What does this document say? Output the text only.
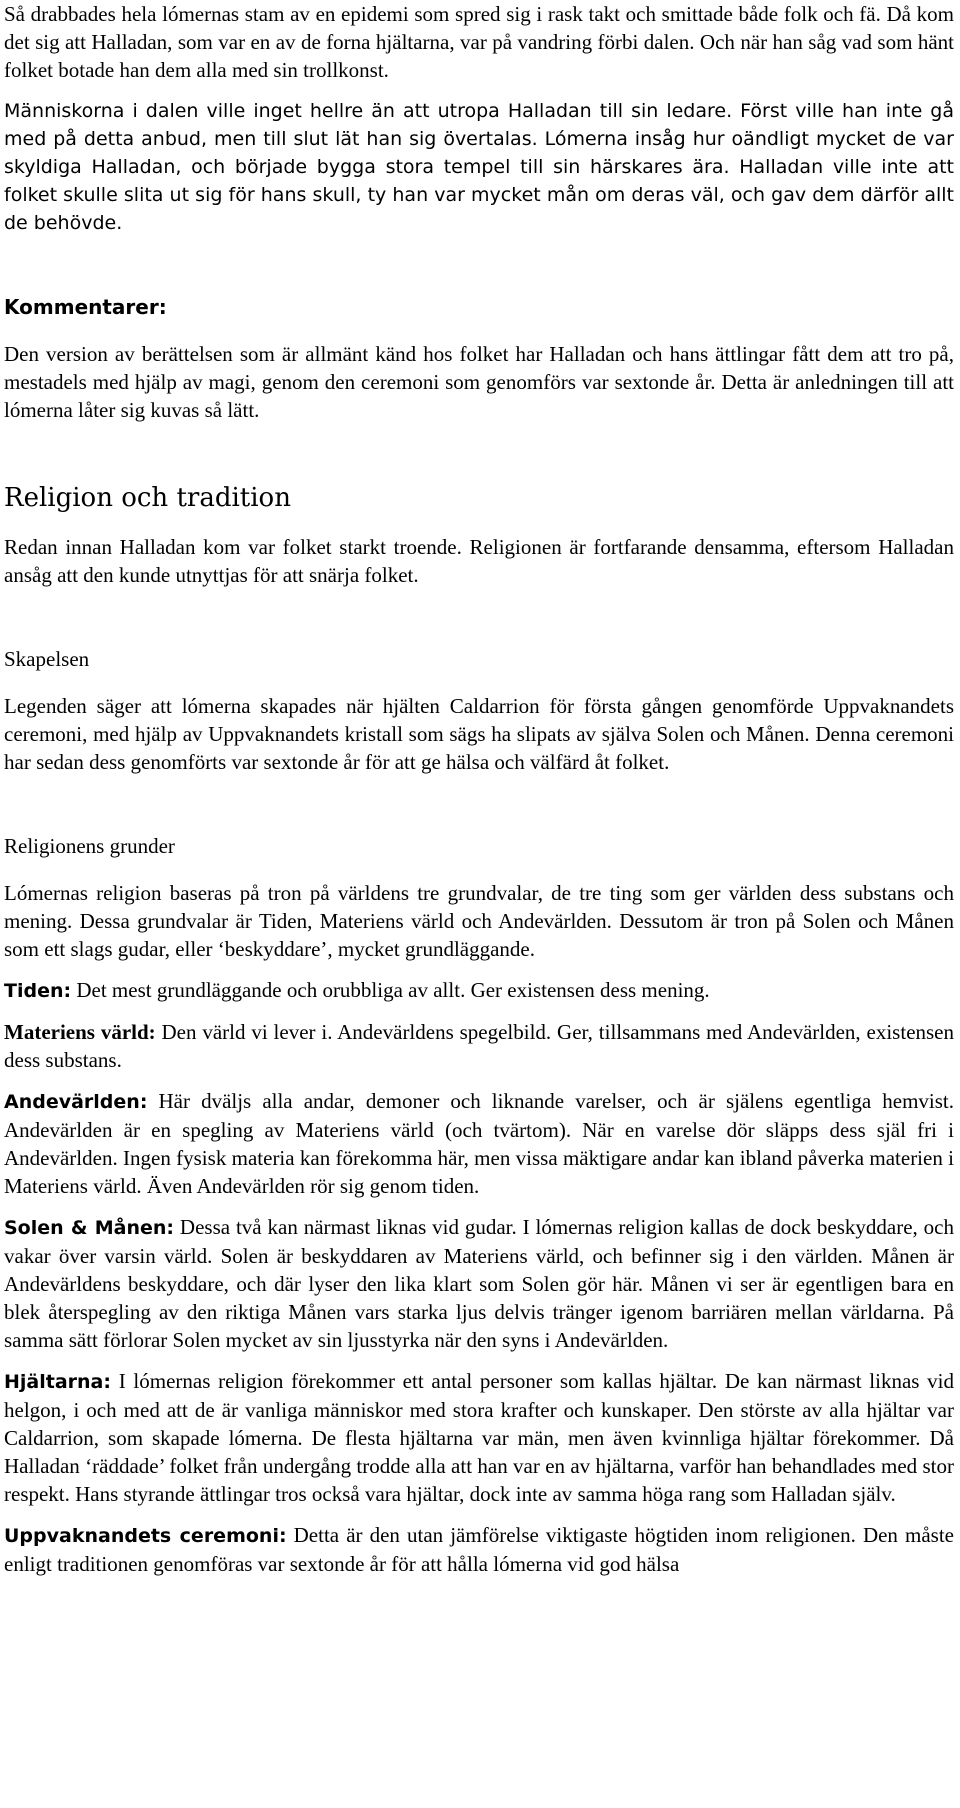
Så drabbades hela lómernas stam av en epidemi som spred sig i rask takt och smittade både folk och fä. Då kom det sig att Halladan, som var en av de forna hjältarna, var på vandring förbi dalen. Och när han såg vad som hänt folket botade han dem alla med sin trollkonst.

Människorna i dalen ville inget hellre än att utropa Halladan till sin ledare. Först ville han inte gå med på detta anbud, men till slut lät han sig övertalas. Lómerna insåg hur oändligt mycket de var skyldiga Halladan, och började bygga stora tempel till sin härskares ära. Halladan ville inte att folket skulle slita ut sig för hans skull, ty han var mycket mån om deras väl, och gav dem därför allt de behövde.

Kommentarer:

Den version av berättelsen som är allmänt känd hos folket har Halladan och hans ättlingar fått dem att tro på, mestadels med hjälp av magi, genom den ceremoni som genomförs var sextonde år. Detta är anledningen till att lómerna låter sig kuvas så lätt.

Religion och tradition

Redan innan Halladan kom var folket starkt troende. Religionen är fortfarande densamma, eftersom Halladan ansåg att den kunde utnyttjas för att snärja folket.

Skapelsen

Legenden säger att lómerna skapades när hjälten Caldarrion för första gången genomförde Uppvaknandets ceremoni, med hjälp av Uppvaknandets kristall som sägs ha slipats av själva Solen och Månen. Denna ceremoni har sedan dess genomförts var sextonde år för att ge hälsa och välfärd åt folket.

Religionens grunder

Lómernas religion baseras på tron på världens tre grundvalar, de tre ting som ger världen dess substans och mening. Dessa grundvalar är Tiden, Materiens värld och Andevärlden. Dessutom är tron på Solen och Månen som ett slags gudar, eller ‘beskyddare’, mycket grundläggande.

Tiden: Det mest grundläggande och orubbliga av allt. Ger existensen dess mening.

Materiens värld: Den värld vi lever i. Andevärldens spegelbild. Ger, tillsammans med Andevärlden, existensen dess substans.

Andevärlden: Här dväljs alla andar, demoner och liknande varelser, och är själens egentliga hemvist. Andevärlden är en spegling av Materiens värld (och tvärtom). När en varelse dör släpps dess själ fri i Andevärlden. Ingen fysisk materia kan förekomma här, men vissa mäktigare andar kan ibland påverka materien i Materiens värld. Även Andevärlden rör sig genom tiden.

Solen & Månen: Dessa två kan närmast liknas vid gudar. I lómernas religion kallas de dock beskyddare, och vakar över varsin värld. Solen är beskyddaren av Materiens värld, och befinner sig i den världen. Månen är Andevärldens beskyddare, och där lyser den lika klart som Solen gör här. Månen vi ser är egentligen bara en blek återspegling av den riktiga Månen vars starka ljus delvis tränger igenom barriären mellan världarna. På samma sätt förlorar Solen mycket av sin ljusstyrka när den syns i Andevärlden.

Hjältarna: I lómernas religion förekommer ett antal personer som kallas hjältar. De kan närmast liknas vid helgon, i och med att de är vanliga människor med stora krafter och kunskaper. Den störste av alla hjältar var Caldarrion, som skapade lómerna. De flesta hjältarna var män, men även kvinnliga hjältar förekommer. Då Halladan ‘räddade’ folket från undergång trodde alla att han var en av hjältarna, varför han behandlades med stor respekt. Hans styrande ättlingar tros också vara hjältar, dock inte av samma höga rang som Halladan själv.

Uppvaknandets ceremoni: Detta är den utan jämförelse viktigaste högtiden inom religionen. Den måste enligt traditionen genomföras var sextonde år för att hålla lómerna vid god hälsa
